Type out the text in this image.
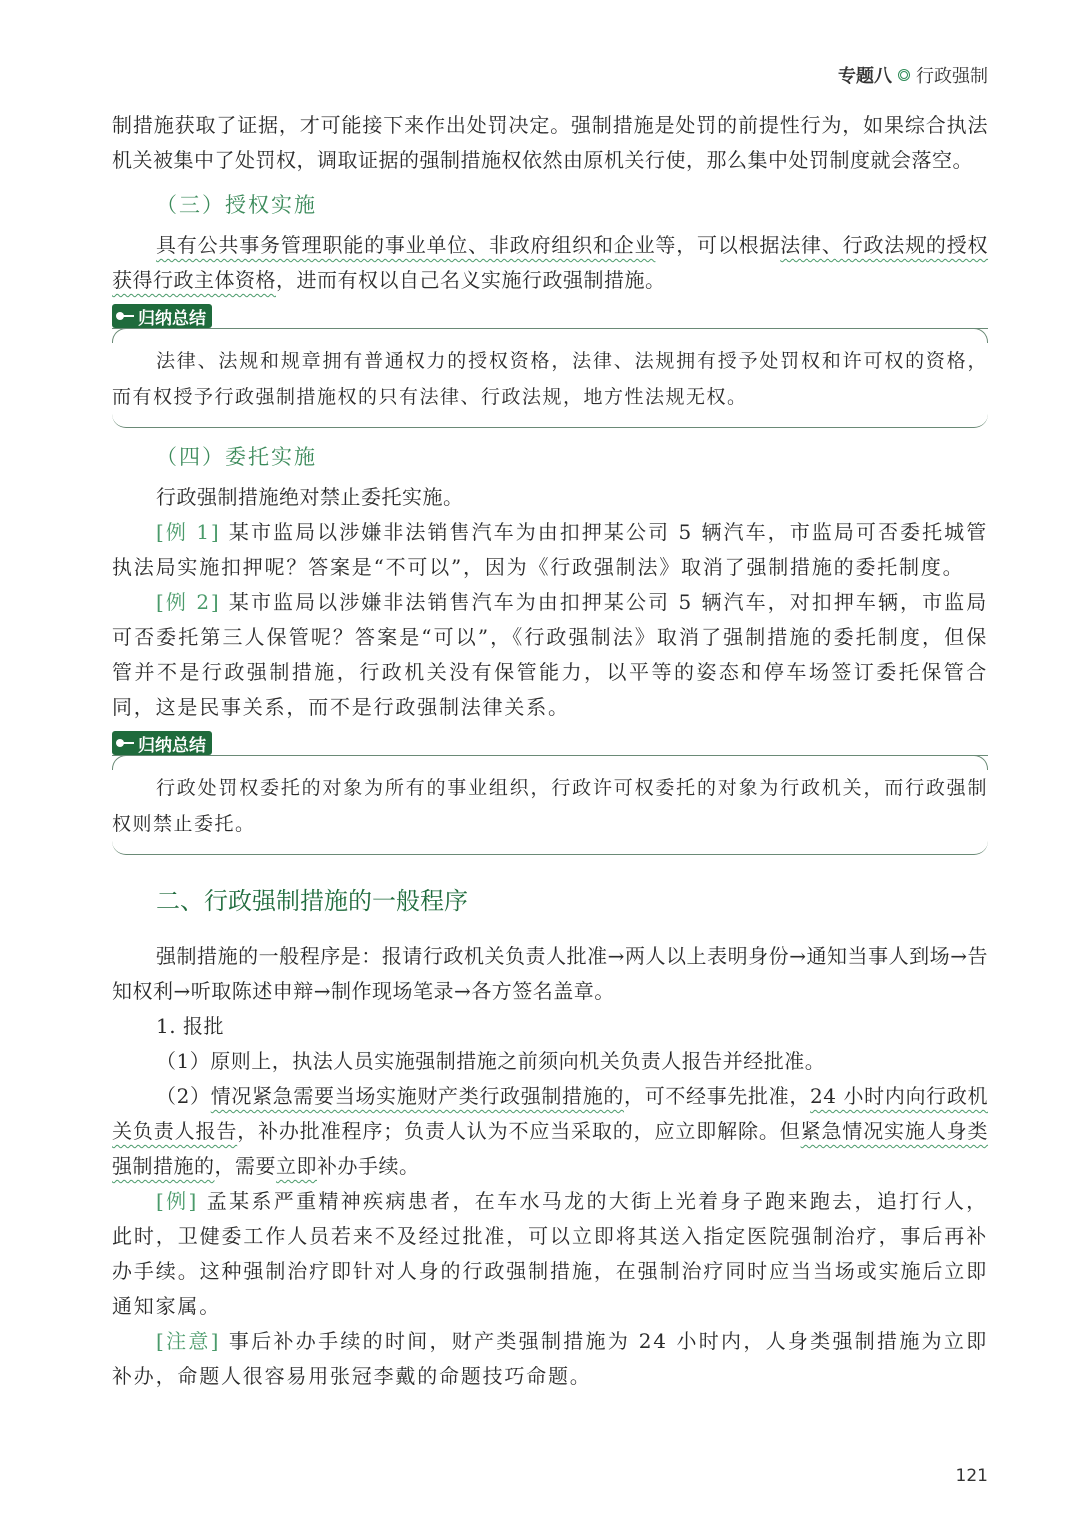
专题八 行政强制

制措施获取了证据，才可能接下来作出处罚决定。强制措施是处罚的前提性行为，如果综合执法机关被集中了处罚权，调取证据的强制措施权依然由原机关行使，那么集中处罚制度就会落空。

（三）授权实施

具有公共事务管理职能的事业单位、非政府组织和企业等，可以根据法律、行政法规的授权获得行政主体资格，进而有权以自己名义实施行政强制措施。

归纳总结

法律、法规和规章拥有普通权力的授权资格，法律、法规拥有授予处罚权和许可权的资格，而有权授予行政强制措施权的只有法律、行政法规，地方性法规无权。

（四）委托实施

行政强制措施绝对禁止委托实施。

[例 1] 某市监局以涉嫌非法销售汽车为由扣押某公司 5 辆汽车，市监局可否委托城管执法局实施扣押呢？答案是“不可以”，因为《行政强制法》取消了强制措施的委托制度。

[例 2] 某市监局以涉嫌非法销售汽车为由扣押某公司 5 辆汽车，对扣押车辆，市监局可否委托第三人保管呢？答案是“可以”，《行政强制法》取消了强制措施的委托制度，但保管并不是行政强制措施，行政机关没有保管能力，以平等的姿态和停车场签订委托保管合同，这是民事关系，而不是行政强制法律关系。

归纳总结

行政处罚权委托的对象为所有的事业组织，行政许可权委托的对象为行政机关，而行政强制权则禁止委托。

二、行政强制措施的一般程序

强制措施的一般程序是：报请行政机关负责人批准→两人以上表明身份→通知当事人到场→告知权利→听取陈述申辩→制作现场笔录→各方签名盖章。

1. 报批

（1）原则上，执法人员实施强制措施之前须向机关负责人报告并经批准。

（2）情况紧急需要当场实施财产类行政强制措施的，可不经事先批准，24 小时内向行政机关负责人报告，补办批准程序；负责人认为不应当采取的，应立即解除。但紧急情况实施人身类强制措施的，需要立即补办手续。

[例] 孟某系严重精神疾病患者，在车水马龙的大街上光着身子跑来跑去，追打行人，此时，卫健委工作人员若来不及经过批准，可以立即将其送入指定医院强制治疗，事后再补办手续。这种强制治疗即针对人身的行政强制措施，在强制治疗同时应当当场或实施后立即通知家属。

[注意] 事后补办手续的时间，财产类强制措施为 24 小时内，人身类强制措施为立即补办，命题人很容易用张冠李戴的命题技巧命题。

121
